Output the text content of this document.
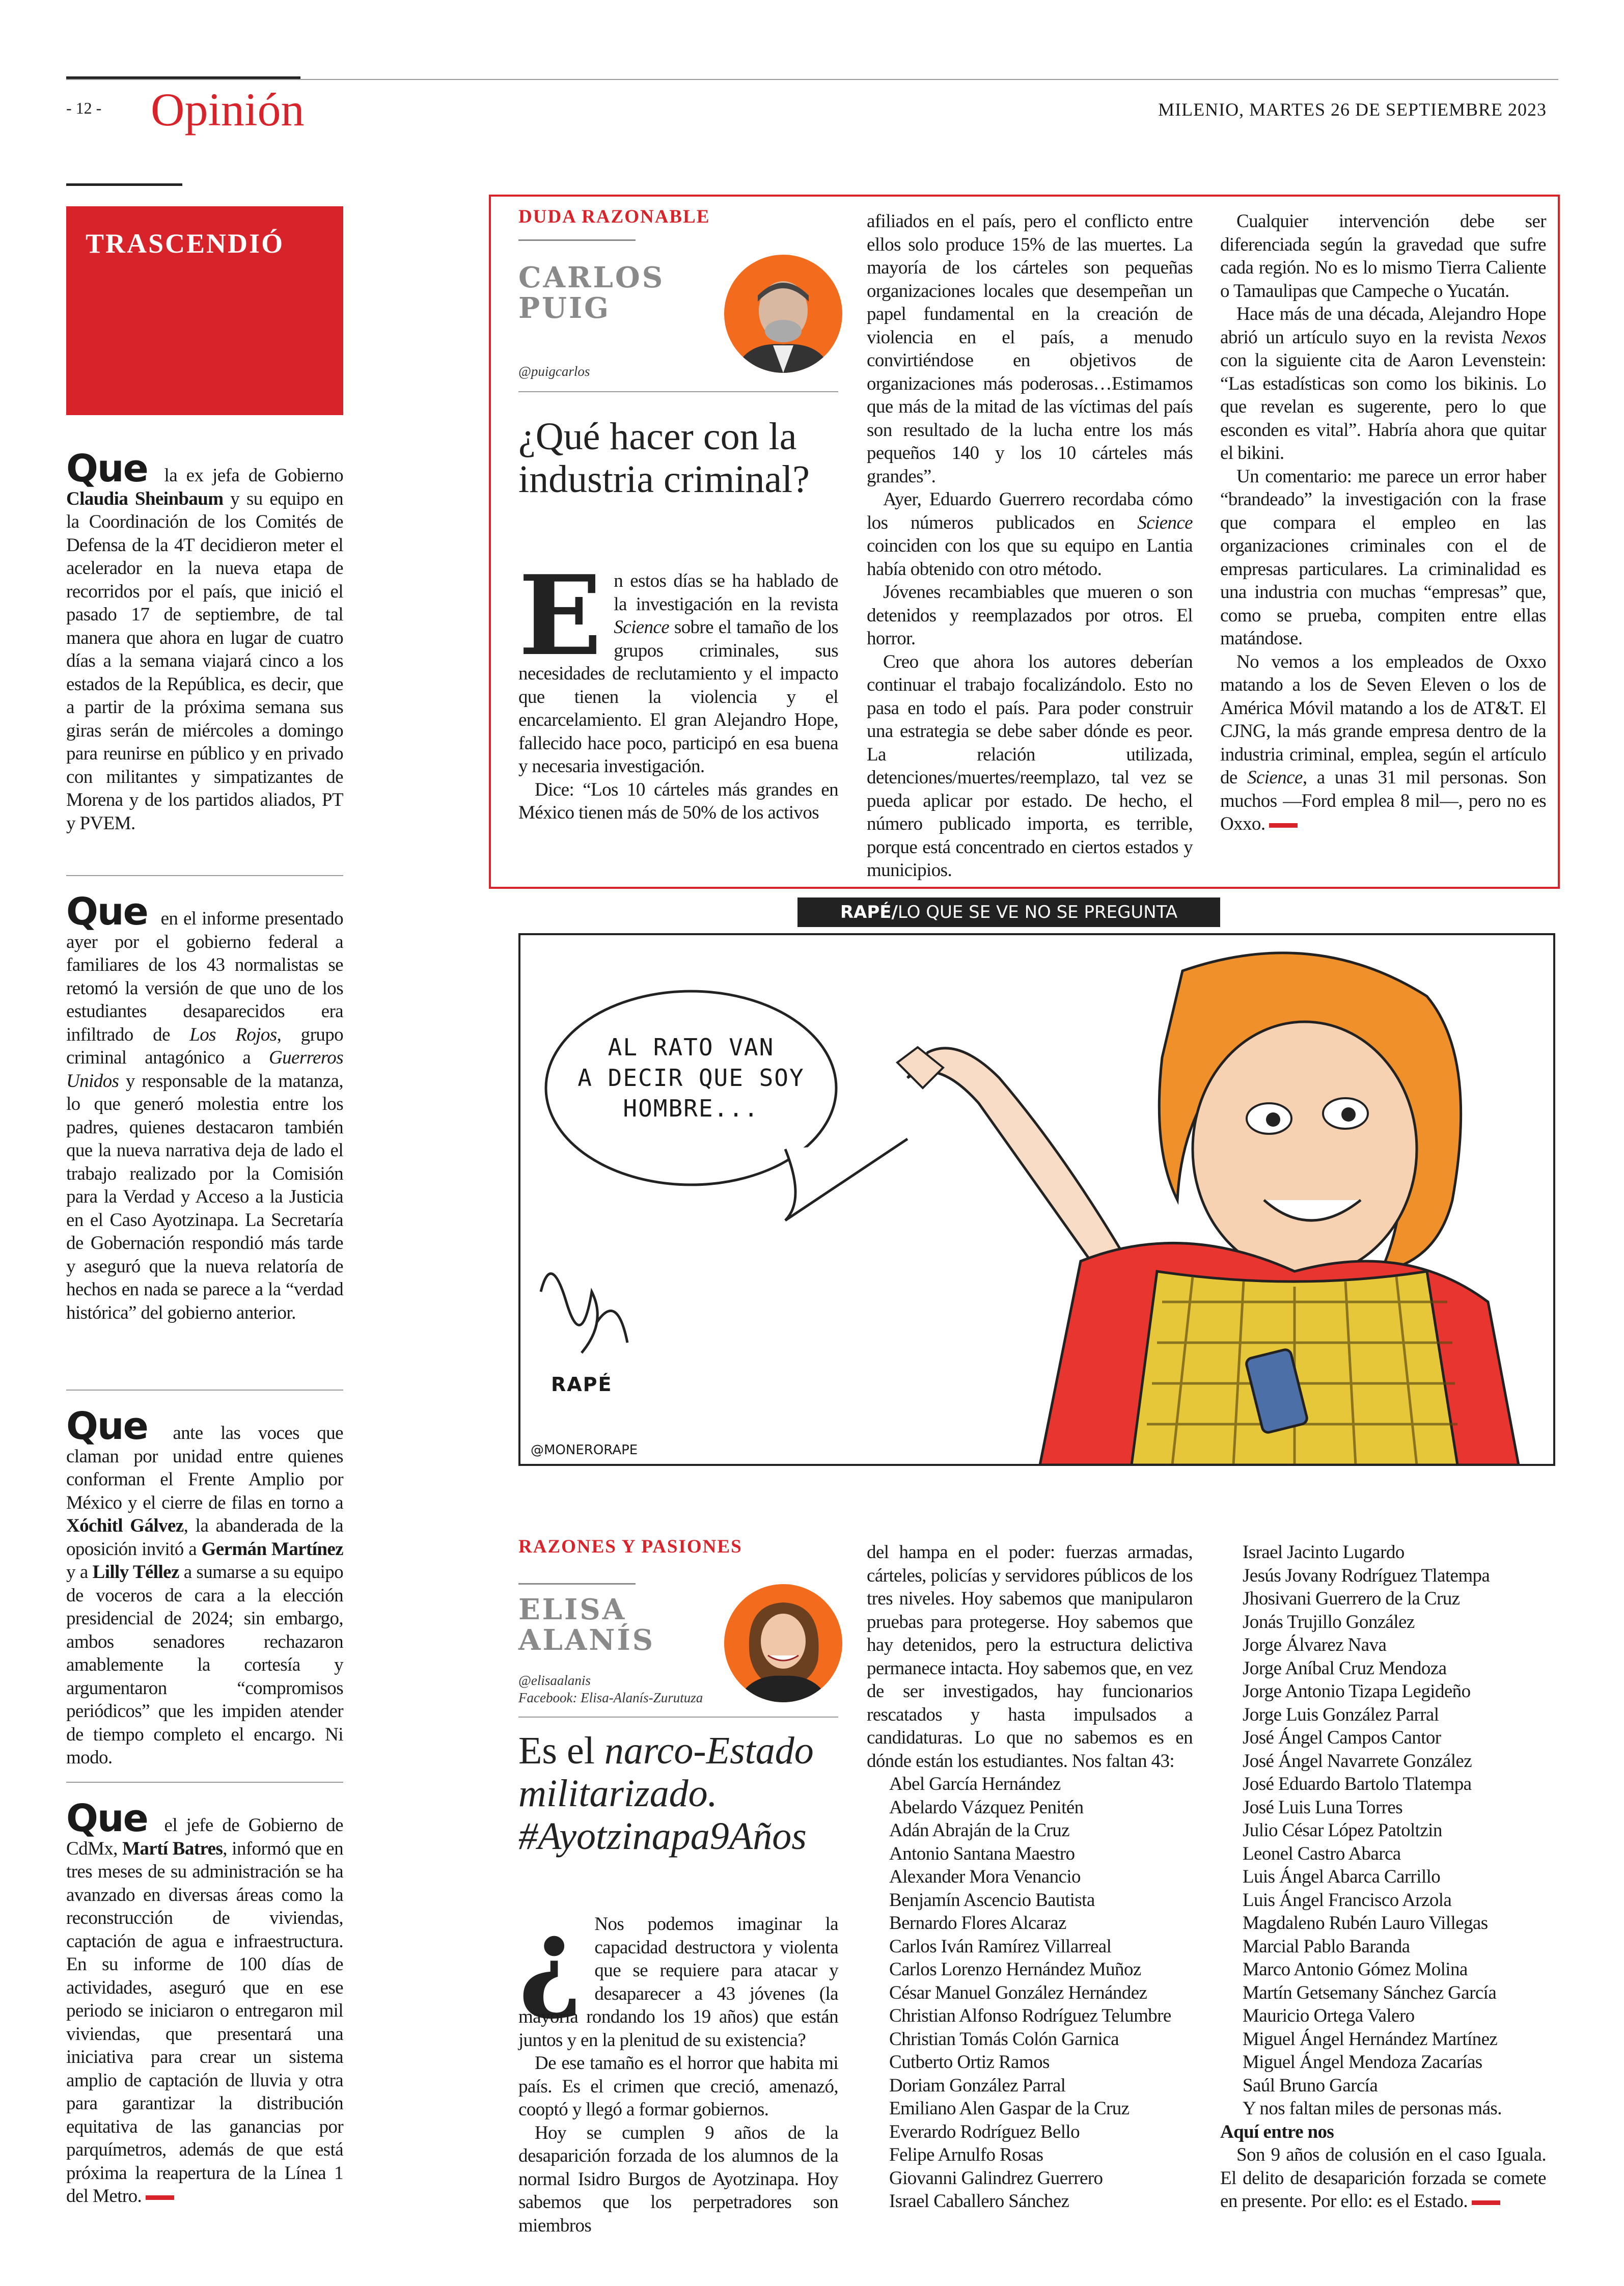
- 12 - Opinión	MILENIO, MARTES 26 DE SEPTIEMBRE 2023
TRASCENDIÓ
Que la ex jefa de Gobierno Claudia Sheinbaum y su equipo en la Coordinación de los Comités de Defensa de la 4T decidieron meter el acelerador en la nueva etapa de recorridos por el país, que inició el pasado 17 de septiembre, de tal manera que ahora en lugar de cuatro días a la semana viajará cinco a los estados de la República, es decir, que a partir de la próxima semana sus giras serán de miércoles a domingo para reunirse en público y en privado con militantes y simpatizantes de Morena y de los partidos aliados, PT y PVEM.
Que en el informe presentado ayer por el gobierno federal a familiares de los 43 normalistas se retomó la versión de que uno de los estudiantes desaparecidos era infiltrado de Los Rojos, grupo criminal antagónico a Guerreros Unidos y responsable de la matanza, lo que generó molestia entre los padres, quienes destacaron también que la nueva narrativa deja de lado el trabajo realizado por la Comisión para la Verdad y Acceso a la Justicia en el Caso Ayotzinapa. La Secretaría de Gobernación respondió más tarde y aseguró que la nueva relatoría de hechos en nada se parece a la “verdad histórica” del gobierno anterior.
Que ante las voces que claman por unidad entre quienes conforman el Frente Amplio por México y el cierre de filas en torno a Xóchitl Gálvez, la abanderada de la oposición invitó a Germán Martínez y a Lilly Téllez a sumarse a su equipo de voceros de cara a la elección presidencial de 2024; sin embargo, ambos senadores rechazaron amablemente la cortesía y argumentaron “compromisos periódicos” que les impiden atender de tiempo completo el encargo. Ni modo.
Que el jefe de Gobierno de CdMx, Martí Batres, informó que en tres meses de su administración se ha avanzado en diversas áreas como la reconstrucción de viviendas, captación de agua e infraestructura. En su informe de 100 días de actividades, aseguró que en ese periodo se iniciaron o entregaron mil viviendas, que presentará una iniciativa para crear un sistema amplio de captación de lluvia y otra para garantizar la distribución equitativa de las ganancias por parquímetros, además de que está próxima la reapertura de la Línea 1 del Metro.
DUDA RAZONABLE
CARLOS
PUIG
@puigcarlos
¿Qué hacer con la industria criminal?
E n estos días se ha hablado de la investigación en la revista Science sobre el tamaño de los grupos criminales, sus necesidades de reclutamiento y el impacto que tienen la violencia y el encarcelamiento. El gran Alejandro Hope, fallecido hace poco, participó en esa buena y necesaria investigación.

Dice: “Los 10 cárteles más grandes en México tienen más de 50% de los activos

afiliados en el país, pero el conflicto entre ellos solo produce 15% de las muertes. La mayoría de los cárteles son pequeñas organizaciones locales que desempeñan un papel fundamental en la creación de violencia en el país, a menudo convirtiéndose en objetivos de organizaciones más poderosas…Estimamos que más de la mitad de las víctimas del país son resultado de la lucha entre los más pequeños 140 y los 10 cárteles más grandes”.

Ayer, Eduardo Guerrero recordaba cómo los números publicados en Science coinciden con los que su equipo en Lantia había obtenido con otro método.

Jóvenes recambiables que mueren o son detenidos y reemplazados por otros. El horror.

Creo que ahora los autores deberían continuar el trabajo focalizándolo. Esto no pasa en todo el país. Para poder construir una estrategia se debe saber dónde es peor. La relación utilizada, detenciones/muertes/reemplazo, tal vez se pueda aplicar por estado. De hecho, el número publicado importa, es terrible, porque está concentrado en ciertos estados y municipios.

Cualquier intervención debe ser diferenciada según la gravedad que sufre cada región. No es lo mismo Tierra Caliente o Tamaulipas que Campeche o Yucatán.

Hace más de una década, Alejandro Hope abrió un artículo suyo en la revista Nexos con la siguiente cita de Aaron Levenstein: “Las estadísticas son como los bikinis. Lo que revelan es sugerente, pero lo que esconden es vital”. Habría ahora que quitar el bikini.

Un comentario: me parece un error haber “brandeado” la investigación con la frase que compara el empleo en las organizaciones criminales con el de empresas particulares. La criminalidad es una industria con muchas “empresas” que, como se prueba, compiten entre ellas matándose.

No vemos a los empleados de Oxxo matando a los de Seven Eleven o los de América Móvil matando a los de AT&T. El CJNG, la más grande empresa dentro de la industria criminal, emplea, según el artículo de Science, a unas 31 mil personas. Son muchos —Ford emplea 8 mil—, pero no es Oxxo.

RAPÉ/LO QUE SE VE NO SE PREGUNTA
AL RATO VAN
A DECIR QUE SOY
HOMBRE...
RAPÉ
@MONERORAPE
RAZONES Y PASIONES
ELISA
ALANÍS
@elisaalanis
Facebook: Elisa-Alanís-Zurutuza
Es el narco-Estado militarizado. #Ayotzinapa9Años
¿ Nos podemos imaginar la capacidad destructora y violenta que se requiere para atacar y desaparecer a 43 jóvenes (la mayoría rondando los 19 años) que están juntos y en la plenitud de su existencia?

De ese tamaño es el horror que habita mi país. Es el crimen que creció, amenazó, cooptó y llegó a formar gobiernos.

Hoy se cumplen 9 años de la desaparición forzada de los alumnos de la normal Isidro Burgos de Ayotzinapa. Hoy sabemos que los perpetradores son miembros

del hampa en el poder: fuerzas armadas, cárteles, policías y servidores públicos de los tres niveles. Hoy sabemos que manipularon pruebas para protegerse. Hoy sabemos que hay detenidos, pero la estructura delictiva permanece intacta. Hoy sabemos que, en vez de ser investigados, hay funcionarios rescatados y hasta impulsados a candidaturas. Lo que no sabemos es en dónde están los estudiantes. Nos faltan 43:

Abel García Hernández
Abelardo Vázquez Penitén
Adán Abraján de la Cruz
Antonio Santana Maestro
Alexander Mora Venancio
Benjamín Ascencio Bautista
Bernardo Flores Alcaraz
Carlos Iván Ramírez Villarreal
Carlos Lorenzo Hernández Muñoz
César Manuel González Hernández
Christian Alfonso Rodríguez Telumbre
Christian Tomás Colón Garnica
Cutberto Ortiz Ramos
Doriam González Parral
Emiliano Alen Gaspar de la Cruz
Everardo Rodríguez Bello
Felipe Arnulfo Rosas
Giovanni Galindrez Guerrero
Israel Caballero Sánchez
Israel Jacinto Lugardo
Jesús Jovany Rodríguez Tlatempa
Jhosivani Guerrero de la Cruz
Jonás Trujillo González
Jorge Álvarez Nava
Jorge Aníbal Cruz Mendoza
Jorge Antonio Tizapa Legideño
Jorge Luis González Parral
José Ángel Campos Cantor
José Ángel Navarrete González
José Eduardo Bartolo Tlatempa
José Luis Luna Torres
Julio César López Patoltzin
Leonel Castro Abarca
Luis Ángel Abarca Carrillo
Luis Ángel Francisco Arzola
Magdaleno Rubén Lauro Villegas
Marcial Pablo Baranda
Marco Antonio Gómez Molina
Martín Getsemany Sánchez García
Mauricio Ortega Valero
Miguel Ángel Hernández Martínez
Miguel Ángel Mendoza Zacarías
Saúl Bruno García
Y nos faltan miles de personas más.
Aquí entre nos
Son 9 años de colusión en el caso Iguala. El delito de desaparición forzada se comete en presente. Por ello: es el Estado.
